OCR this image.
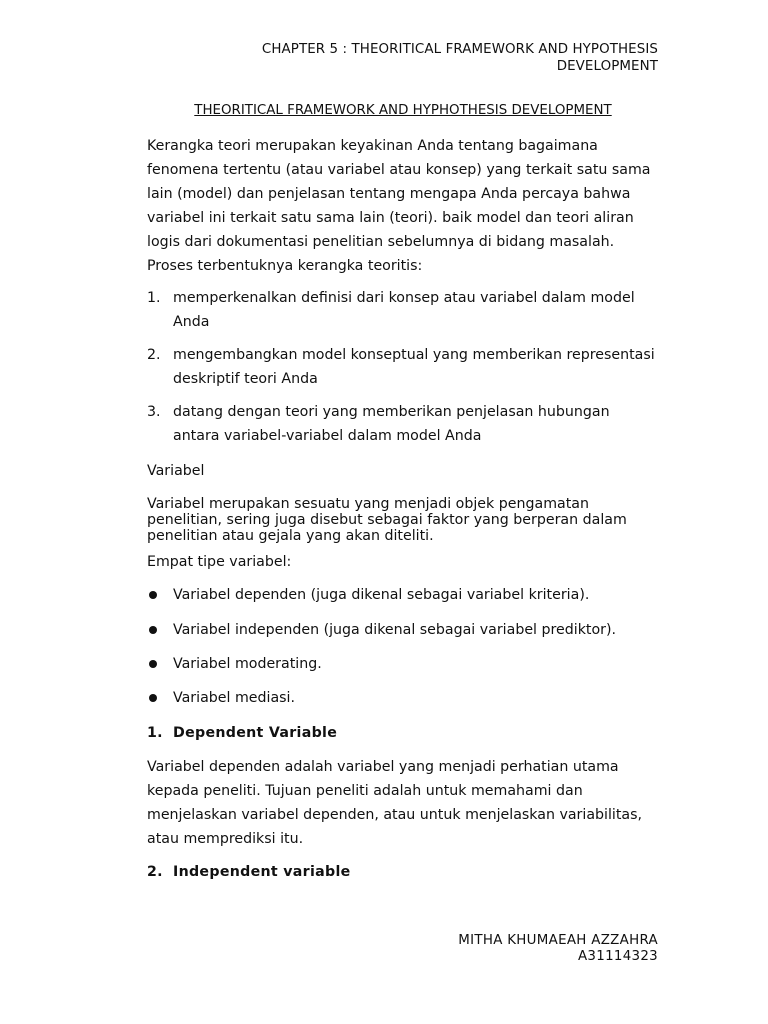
CHAPTER 5 : THEORITICAL FRAMEWORK AND HYPOTHESIS
DEVELOPMENT
THEORITICAL FRAMEWORK AND HYPHOTHESIS DEVELOPMENT
Kerangka teori merupakan keyakinan Anda tentang bagaimana
fenomena tertentu (atau variabel atau konsep) yang terkait satu sama
lain (model) dan penjelasan tentang mengapa Anda percaya bahwa
variabel ini terkait satu sama lain (teori). baik model dan teori aliran
logis dari dokumentasi penelitian sebelumnya di bidang masalah.
Proses terbentuknya kerangka teoritis:
1. memperkenalkan definisi dari konsep atau variabel dalam model
Anda
2. mengembangkan model konseptual yang memberikan representasi
deskriptif teori Anda
3. datang dengan teori yang memberikan penjelasan hubungan
antara variabel-variabel dalam model Anda
Variabel
Variabel merupakan sesuatu yang menjadi objek pengamatan
penelitian, sering juga disebut sebagai faktor yang berperan dalam
penelitian atau gejala yang akan diteliti.
Empat tipe variabel:
Variabel dependen (juga dikenal sebagai variabel kriteria).
Variabel independen (juga dikenal sebagai variabel prediktor).
Variabel moderating.
Variabel mediasi.
1. Dependent Variable
Variabel dependen adalah variabel yang menjadi perhatian utama
kepada peneliti. Tujuan peneliti adalah untuk memahami dan
menjelaskan variabel dependen, atau untuk menjelaskan variabilitas,
atau memprediksi itu.
2. Independent variable
MITHA KHUMAEAH AZZAHRA
A31114323
